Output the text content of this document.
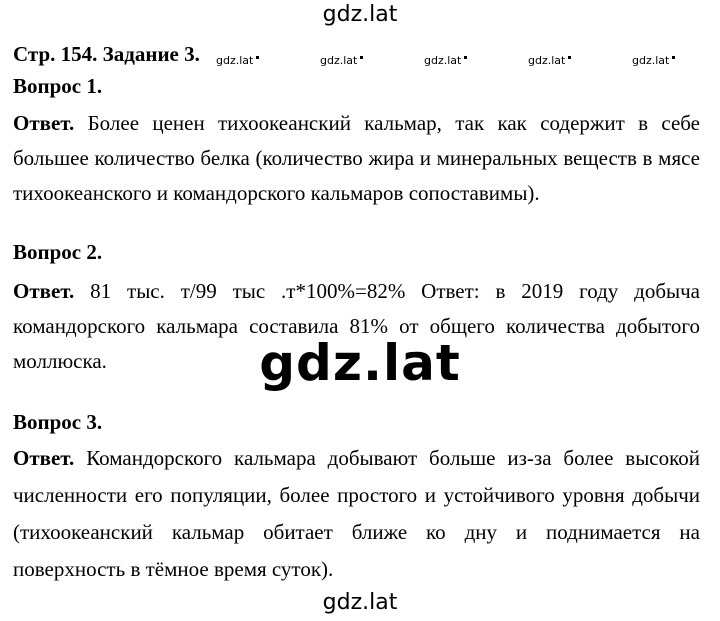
gdz.lat
Стр. 154. Задание 3.	gdz.lat	gdz.lat	gdz.lat	gdz.lat	gdz.lat
Вопрос 1.
Ответ. Более ценен тихоокеанский кальмар, так как содержит в себе большее количество белка (количество жира и минеральных веществ в мясе тихоокеанского и командорского кальмаров сопоставимы).
Вопрос 2.
Ответ. 81 тыс. т/99 тыс .т*100%=82% Ответ: в 2019 году добыча командорского кальмара составила 81% от общего количества добытого моллюска.	gdz.lat
Вопрос 3.
Ответ. Командорского кальмара добывают больше из-за более высокой численности его популяции, более простого и устойчивого уровня добычи (тихоокеанский кальмар обитает ближе ко дну и поднимается на поверхность в тёмное время суток).
gdz.lat
